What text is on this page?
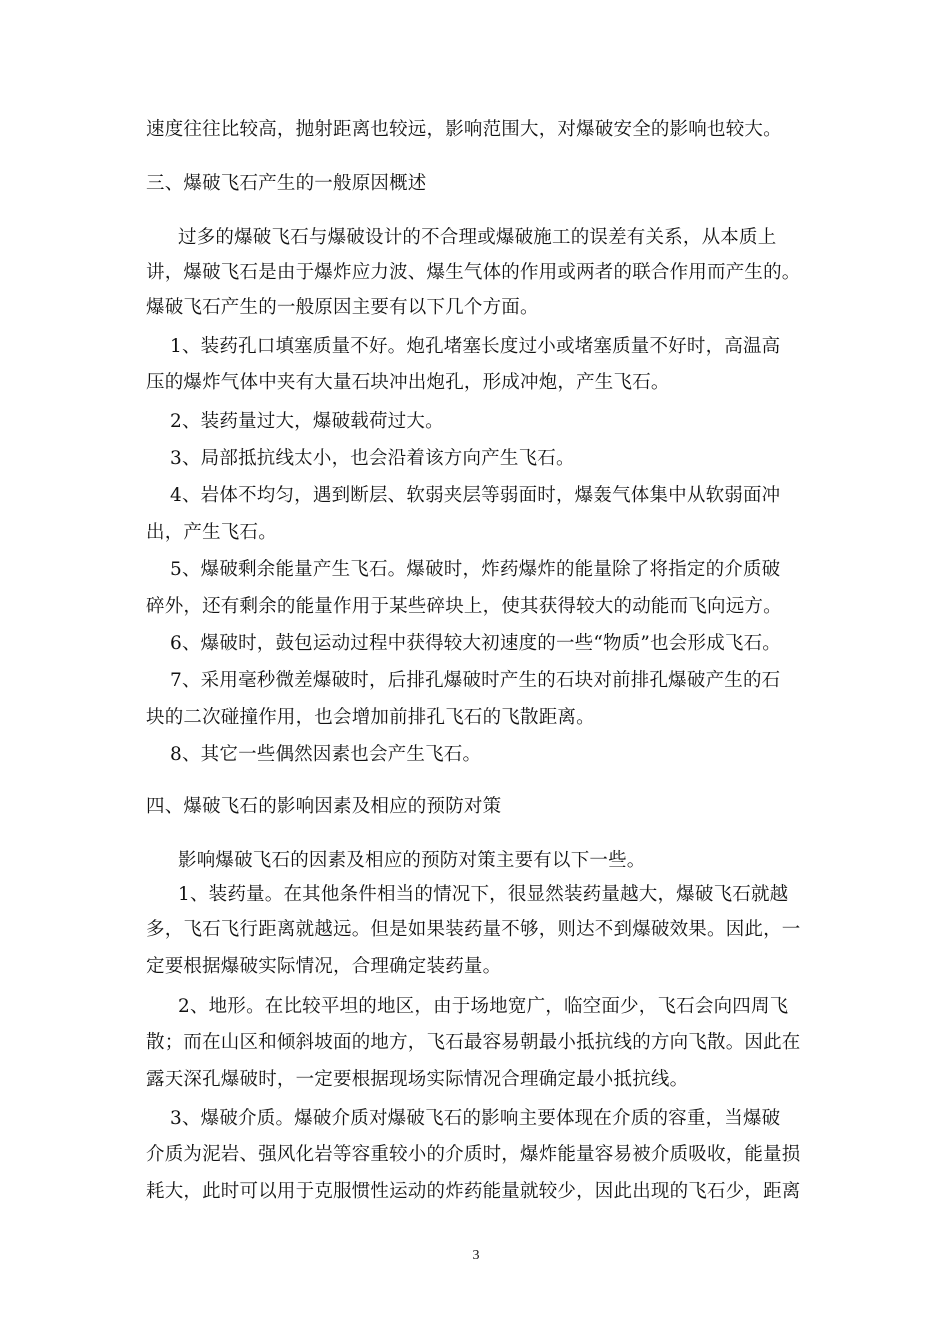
速度往往比较高，抛射距离也较远，影响范围大，对爆破安全的影响也较大。
三、爆破飞石产生的一般原因概述
过多的爆破飞石与爆破设计的不合理或爆破施工的误差有关系，从本质上
讲，爆破飞石是由于爆炸应力波、爆生气体的作用或两者的联合作用而产生的。
爆破飞石产生的一般原因主要有以下几个方面。
1、装药孔口填塞质量不好。炮孔堵塞长度过小或堵塞质量不好时，高温高
压的爆炸气体中夹有大量石块冲出炮孔，形成冲炮，产生飞石。
2、装药量过大，爆破载荷过大。
3、局部抵抗线太小，也会沿着该方向产生飞石。
4、岩体不均匀，遇到断层、软弱夹层等弱面时，爆轰气体集中从软弱面冲
出，产生飞石。
5、爆破剩余能量产生飞石。爆破时，炸药爆炸的能量除了将指定的介质破
碎外，还有剩余的能量作用于某些碎块上，使其获得较大的动能而飞向远方。
6、爆破时，鼓包运动过程中获得较大初速度的一些“物质”也会形成飞石。
7、采用毫秒微差爆破时，后排孔爆破时产生的石块对前排孔爆破产生的石
块的二次碰撞作用，也会增加前排孔飞石的飞散距离。
8、其它一些偶然因素也会产生飞石。
四、爆破飞石的影响因素及相应的预防对策
影响爆破飞石的因素及相应的预防对策主要有以下一些。
1、装药量。在其他条件相当的情况下，很显然装药量越大，爆破飞石就越
多，飞石飞行距离就越远。但是如果装药量不够，则达不到爆破效果。因此，一
定要根据爆破实际情况，合理确定装药量。
2、地形。在比较平坦的地区，由于场地宽广，临空面少，飞石会向四周飞
散；而在山区和倾斜坡面的地方，飞石最容易朝最小抵抗线的方向飞散。因此在
露天深孔爆破时，一定要根据现场实际情况合理确定最小抵抗线。
3、爆破介质。爆破介质对爆破飞石的影响主要体现在介质的容重，当爆破
介质为泥岩、强风化岩等容重较小的介质时，爆炸能量容易被介质吸收，能量损
耗大，此时可以用于克服惯性运动的炸药能量就较少，因此出现的飞石少，距离
3
